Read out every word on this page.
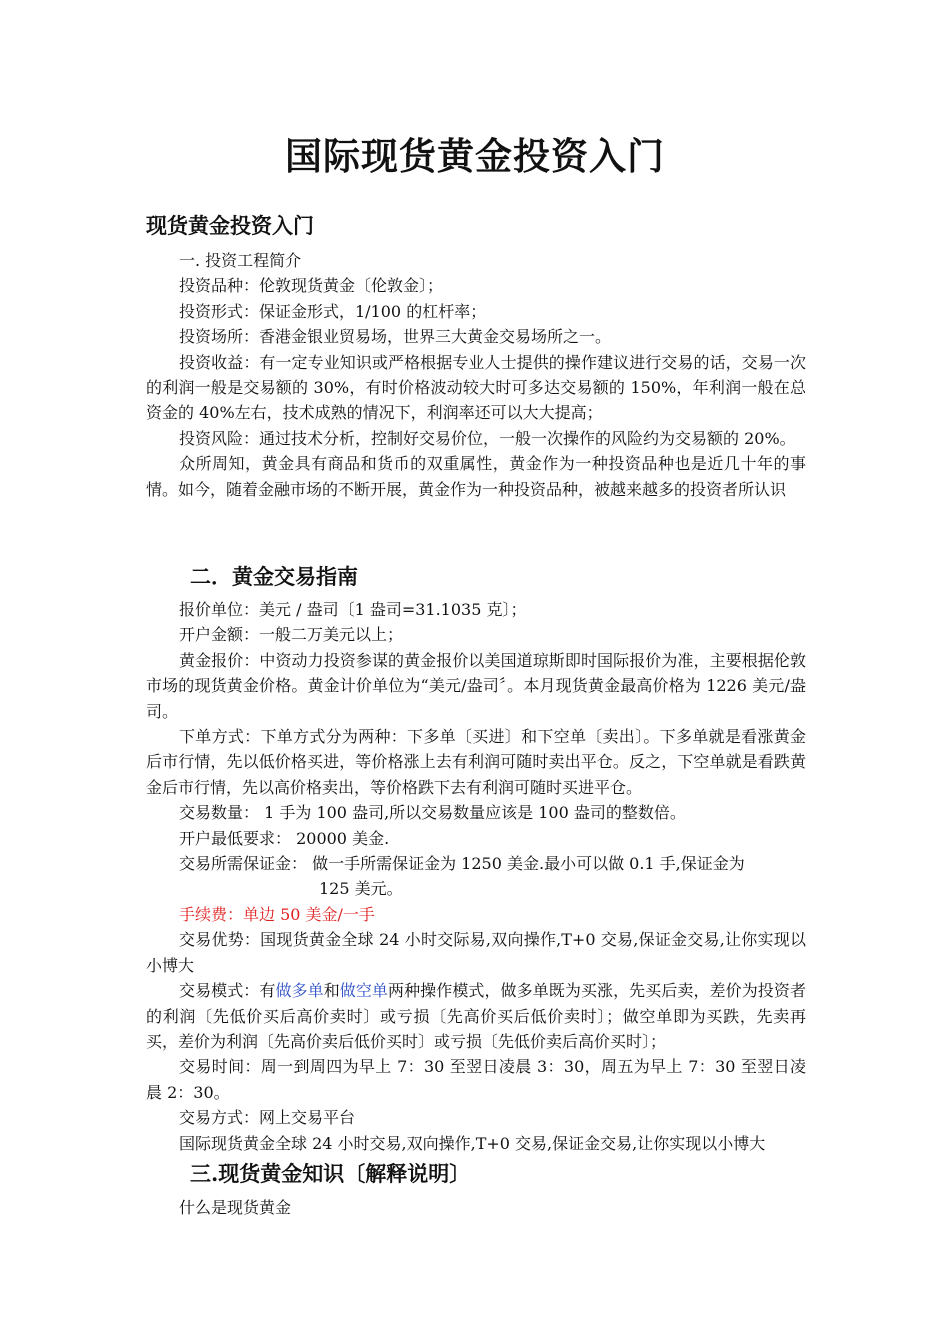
国际现货黄金投资入门
现货黄金投资入门

一. 投资工程简介

投资品种：伦敦现货黄金〔伦敦金〕；

投资形式：保证金形式，1/100 的杠杆率；

投资场所：香港金银业贸易场，世界三大黄金交易场所之一。

投资收益：有一定专业知识或严格根据专业人士提供的操作建议进行交易的话，交易一次的利润一般是交易额的 30%，有时价格波动较大时可多达交易额的 150%，年利润一般在总资金的 40%左右，技术成熟的情况下，利润率还可以大大提高；

投资风险：通过技术分析，控制好交易价位，一般一次操作的风险约为交易额的 20%。

众所周知，黄金具有商品和货币的双重属性，黄金作为一种投资品种也是近几十年的事情。如今，随着金融市场的不断开展，黄金作为一种投资品种，被越来越多的投资者所认识

二．黄金交易指南

报价单位：美元 / 盎司〔1 盎司=31.1035 克〕；

开户金额：一般二万美元以上；

黄金报价：中资动力投资参谋的黄金报价以美国道琼斯即时国际报价为准，主要根据伦敦市场的现货黄金价格。黄金计价单位为“美元/盎司〞。本月现货黄金最高价格为 1226 美元/盎司。

下单方式：下单方式分为两种：下多单〔买进〕和下空单〔卖出〕。下多单就是看涨黄金后市行情，先以低价格买进，等价格涨上去有利润可随时卖出平仓。反之，下空单就是看跌黄金后市行情，先以高价格卖出，等价格跌下去有利润可随时买进平仓。

交易数量： 1 手为 100 盎司,所以交易数量应该是 100 盎司的整数倍。

开户最低要求： 20000 美金.

交易所需保证金： 做一手所需保证金为 1250 美金.最小可以做 0.1 手,保证金为

125 美元。

手续费：单边 50 美金/一手

交易优势：国现货黄金全球 24 小时交际易,双向操作,T+0 交易,保证金交易,让你实现以小博大

交易模式：有做多单和做空单两种操作模式，做多单既为买涨，先买后卖，差价为投资者的利润〔先低价买后高价卖时〕或亏损〔先高价买后低价卖时〕；做空单即为买跌，先卖再买，差价为利润〔先高价卖后低价买时〕或亏损〔先低价卖后高价买时〕；

交易时间：周一到周四为早上 7：30 至翌日凌晨 3：30，周五为早上 7：30 至翌日凌晨 2：30。

交易方式：网上交易平台

国际现货黄金全球 24 小时交易,双向操作,T+0 交易,保证金交易,让你实现以小博大

三.现货黄金知识〔解释说明〕

什么是现货黄金
